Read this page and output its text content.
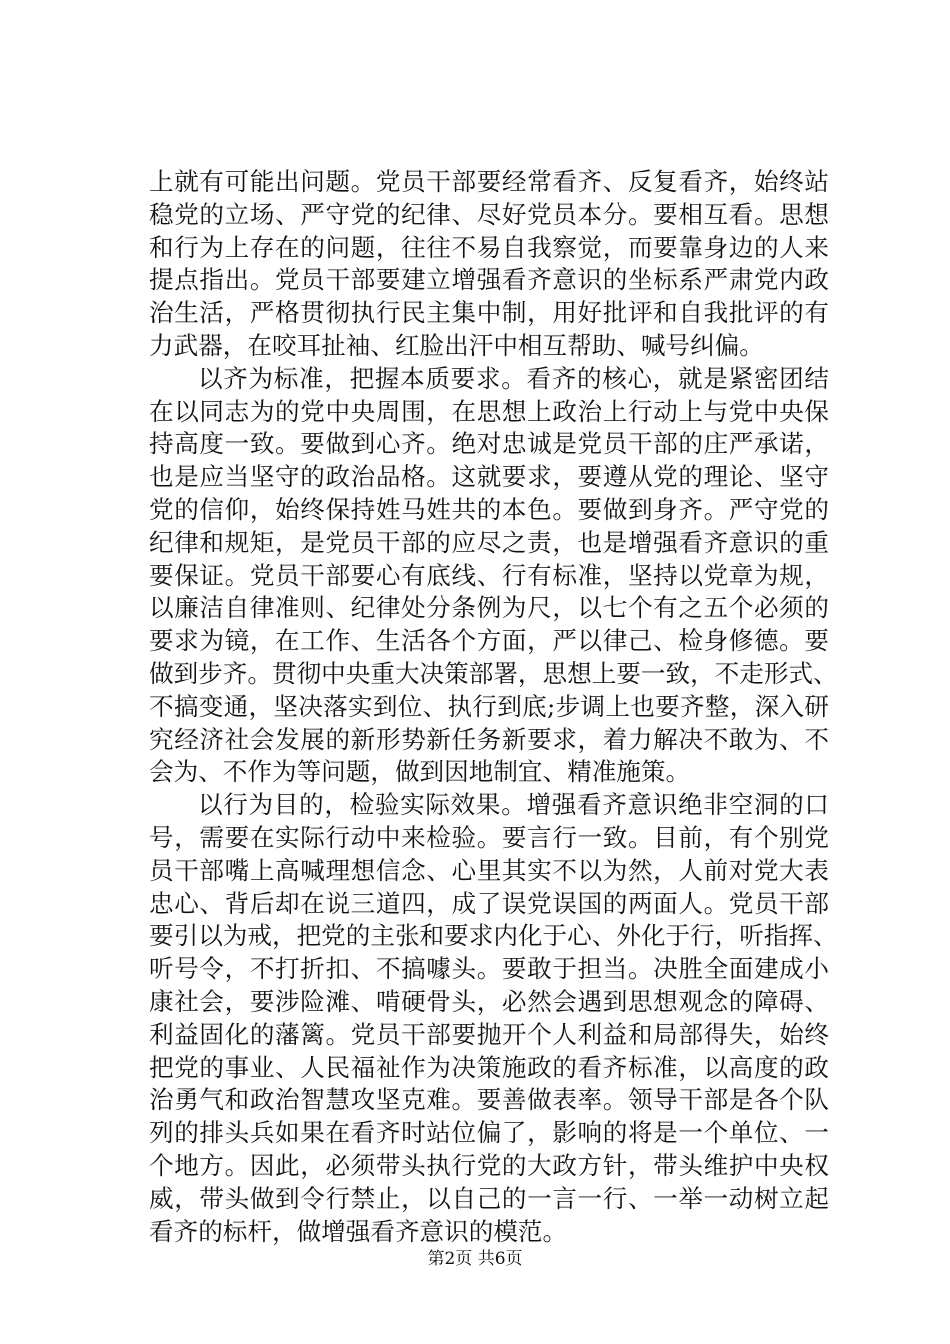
上就有可能出问题。党员干部要经常看齐、反复看齐，始终站
稳党的立场、严守党的纪律、尽好党员本分。要相互看。思想
和行为上存在的问题，往往不易自我察觉，而要靠身边的人来
提点指出。党员干部要建立增强看齐意识的坐标系严肃党内政
治生活，严格贯彻执行民主集中制，用好批评和自我批评的有
力武器，在咬耳扯袖、红脸出汗中相互帮助、喊号纠偏。
以齐为标准，把握本质要求。看齐的核心，就是紧密团结
在以同志为的党中央周围，在思想上政治上行动上与党中央保
持高度一致。要做到心齐。绝对忠诚是党员干部的庄严承诺，
也是应当坚守的政治品格。这就要求，要遵从党的理论、坚守
党的信仰，始终保持姓马姓共的本色。要做到身齐。严守党的
纪律和规矩，是党员干部的应尽之责，也是增强看齐意识的重
要保证。党员干部要心有底线、行有标准，坚持以党章为规，
以廉洁自律准则、纪律处分条例为尺，以七个有之五个必须的
要求为镜，在工作、生活各个方面，严以律己、检身修德。要
做到步齐。贯彻中央重大决策部署，思想上要一致，不走形式、
不搞变通，坚决落实到位、执行到底;步调上也要齐整，深入研
究经济社会发展的新形势新任务新要求，着力解决不敢为、不
会为、不作为等问题，做到因地制宜、精准施策。
以行为目的，检验实际效果。增强看齐意识绝非空洞的口
号，需要在实际行动中来检验。要言行一致。目前，有个别党
员干部嘴上高喊理想信念、心里其实不以为然，人前对党大表
忠心、背后却在说三道四，成了误党误国的两面人。党员干部
要引以为戒，把党的主张和要求内化于心、外化于行，听指挥、
听号令，不打折扣、不搞噱头。要敢于担当。决胜全面建成小
康社会，要涉险滩、啃硬骨头，必然会遇到思想观念的障碍、
利益固化的藩篱。党员干部要抛开个人利益和局部得失，始终
把党的事业、人民福祉作为决策施政的看齐标准，以高度的政
治勇气和政治智慧攻坚克难。要善做表率。领导干部是各个队
列的排头兵如果在看齐时站位偏了，影响的将是一个单位、一
个地方。因此，必须带头执行党的大政方针，带头维护中央权
威，带头做到令行禁止，以自己的一言一行、一举一动树立起
看齐的标杆，做增强看齐意识的模范。
第2页 共6页
